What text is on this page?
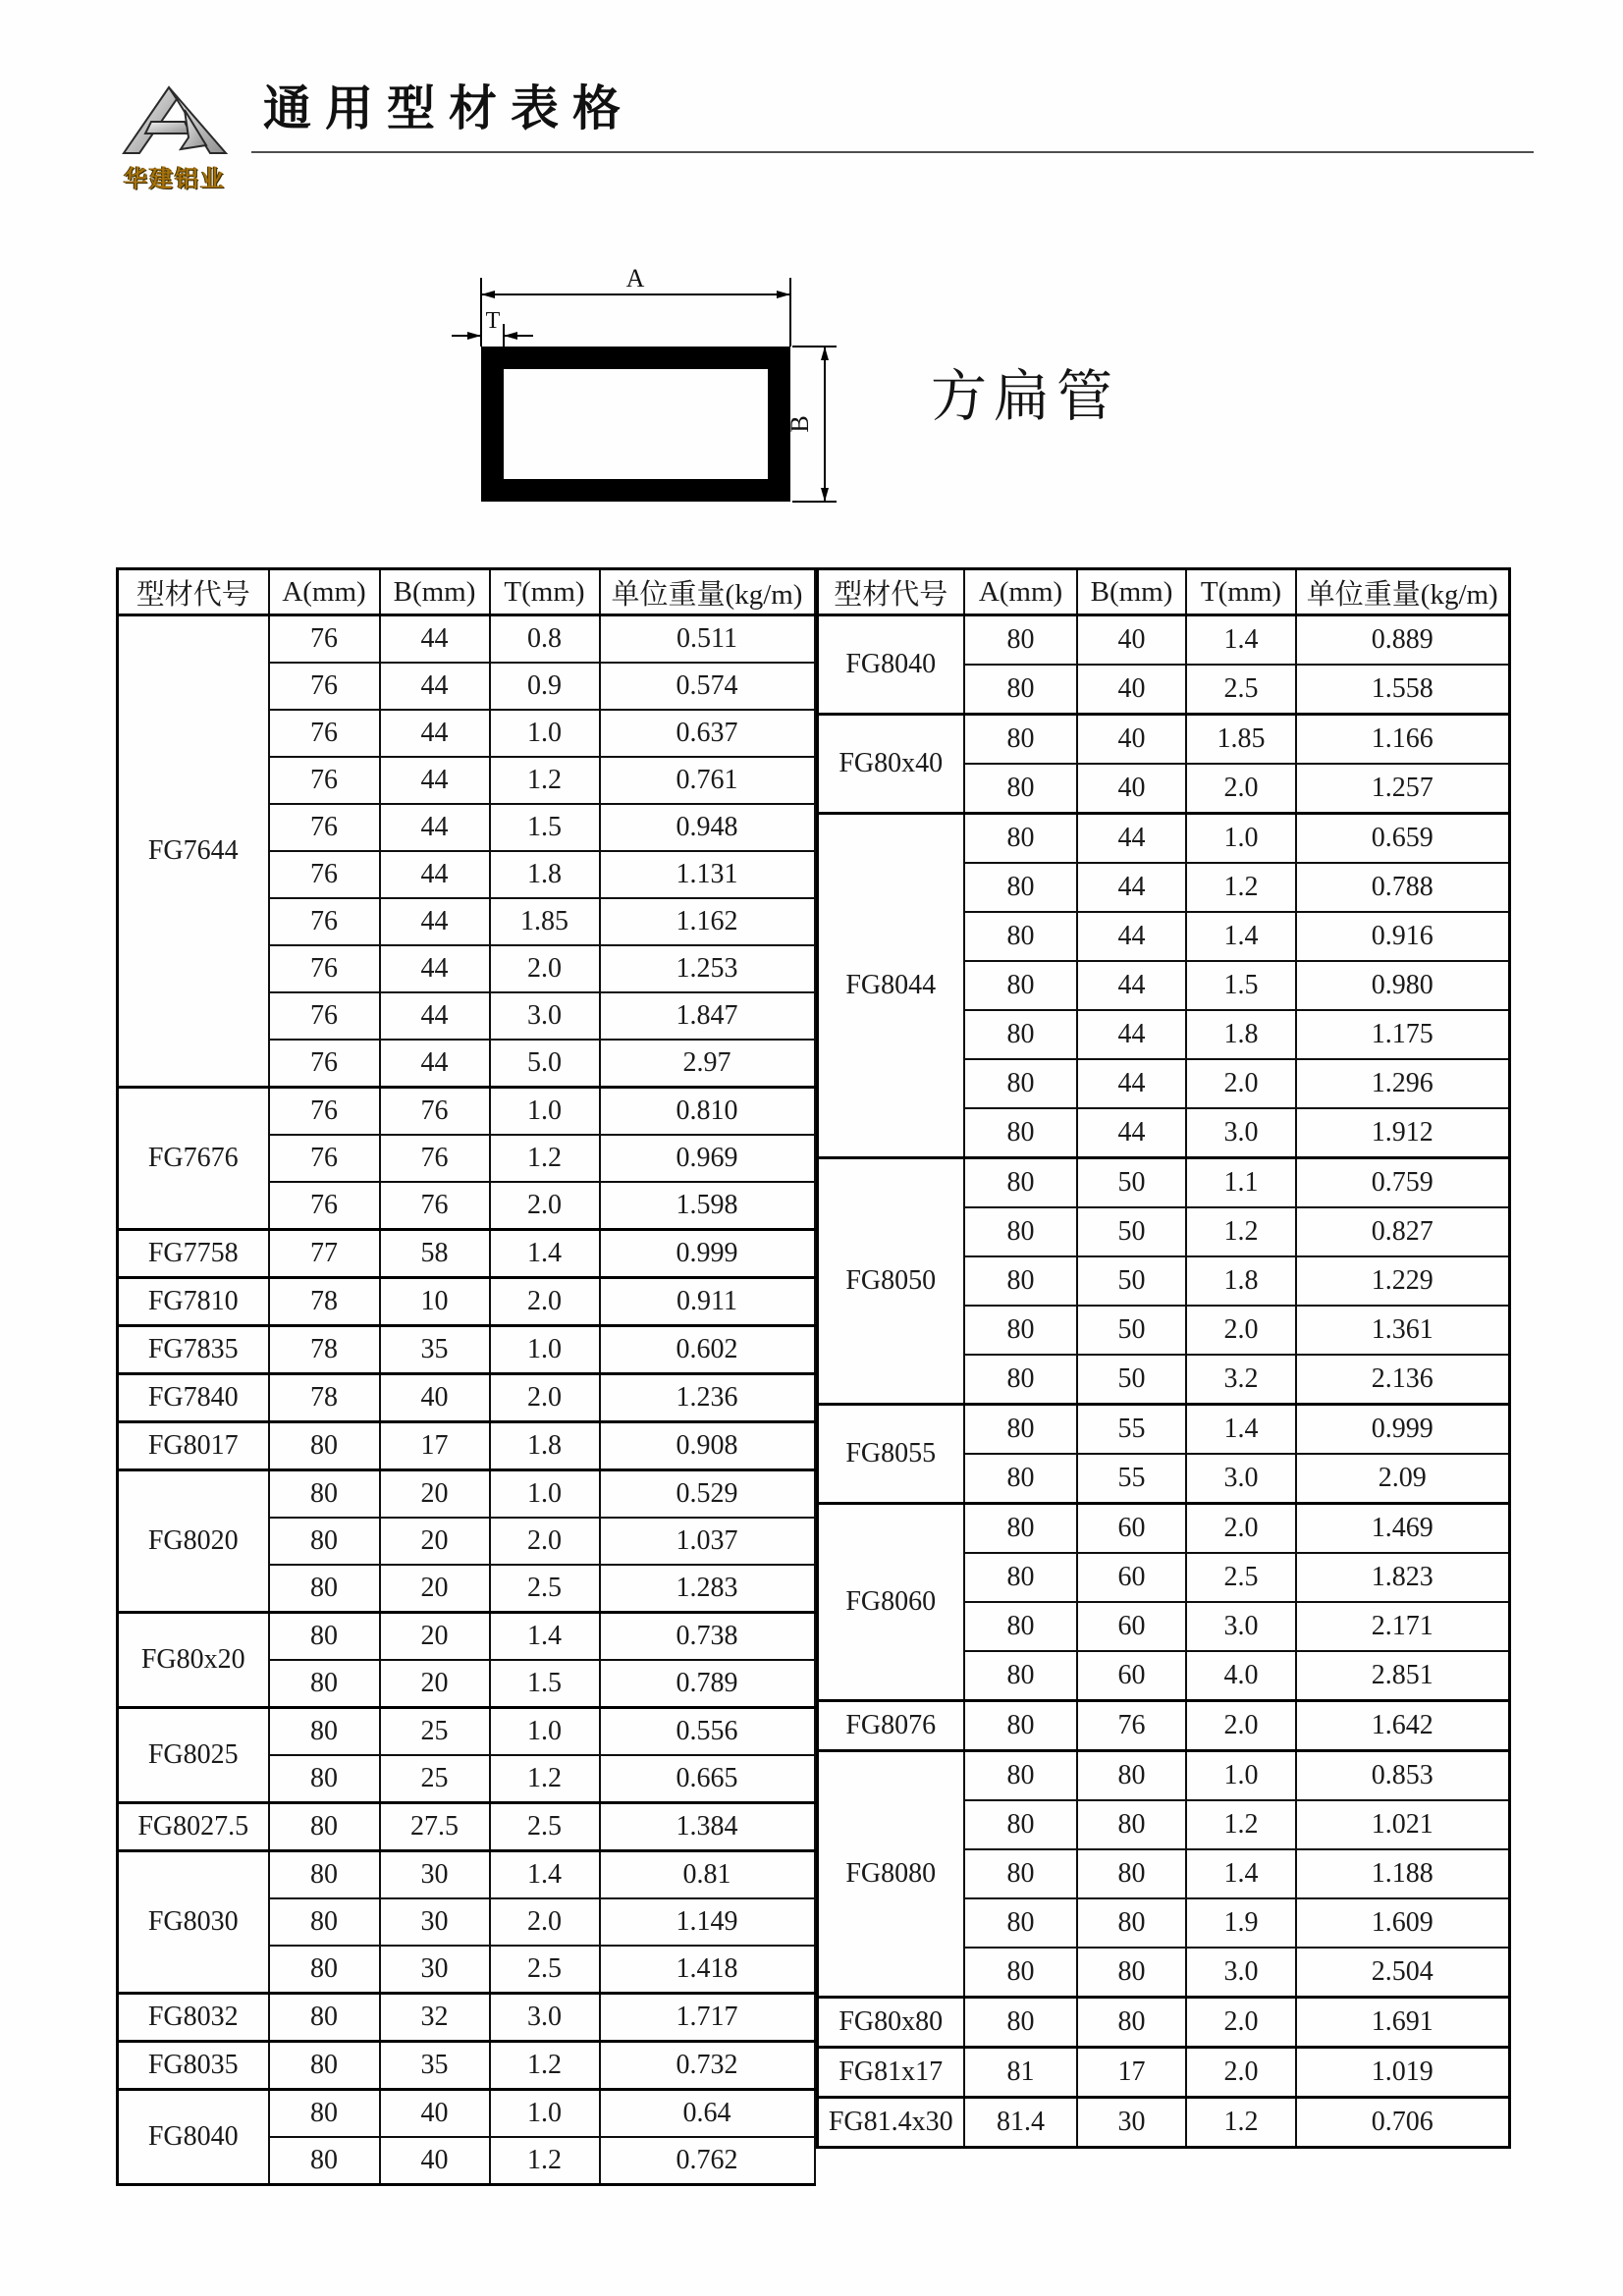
华建铝业
通用型材表格
A
T
B 方扁管
型材代号	A(mm)	B(mm)	T(mm)	单位重量(kg/m)
FG7644	76	44	0.8	0.511
	76	44	0.9	0.574
	76	44	1.0	0.637
	76	44	1.2	0.761
	76	44	1.5	0.948
	76	44	1.8	1.131
	76	44	1.85	1.162
	76	44	2.0	1.253
	76	44	3.0	1.847
	76	44	5.0	2.97
FG7676	76	76	1.0	0.810
	76	76	1.2	0.969
	76	76	2.0	1.598
FG7758	77	58	1.4	0.999
FG7810	78	10	2.0	0.911
FG7835	78	35	1.0	0.602
FG7840	78	40	2.0	1.236
FG8017	80	17	1.8	0.908
FG8020	80	20	1.0	0.529
	80	20	2.0	1.037
	80	20	2.5	1.283
FG80x20	80	20	1.4	0.738
	80	20	1.5	0.789
FG8025	80	25	1.0	0.556
	80	25	1.2	0.665
FG8027.5	80	27.5	2.5	1.384
FG8030	80	30	1.4	0.81
	80	30	2.0	1.149
	80	30	2.5	1.418
FG8032	80	32	3.0	1.717
FG8035	80	35	1.2	0.732
FG8040	80	40	1.0	0.64
	80	40	1.2	0.762
型材代号	A(mm)	B(mm)	T(mm)	单位重量(kg/m)
FG8040	80	40	1.4	0.889
	80	40	2.5	1.558
FG80x40	80	40	1.85	1.166
	80	40	2.0	1.257
FG8044	80	44	1.0	0.659
	80	44	1.2	0.788
	80	44	1.4	0.916
	80	44	1.5	0.980
	80	44	1.8	1.175
	80	44	2.0	1.296
	80	44	3.0	1.912
FG8050	80	50	1.1	0.759
	80	50	1.2	0.827
	80	50	1.8	1.229
	80	50	2.0	1.361
	80	50	3.2	2.136
FG8055	80	55	1.4	0.999
	80	55	3.0	2.09
FG8060	80	60	2.0	1.469
	80	60	2.5	1.823
	80	60	3.0	2.171
	80	60	4.0	2.851
FG8076	80	76	2.0	1.642
FG8080	80	80	1.0	0.853
	80	80	1.2	1.021
	80	80	1.4	1.188
	80	80	1.9	1.609
	80	80	3.0	2.504
FG80x80	80	80	2.0	1.691
FG81x17	81	17	2.0	1.019
FG81.4x30	81.4	30	1.2	0.706
